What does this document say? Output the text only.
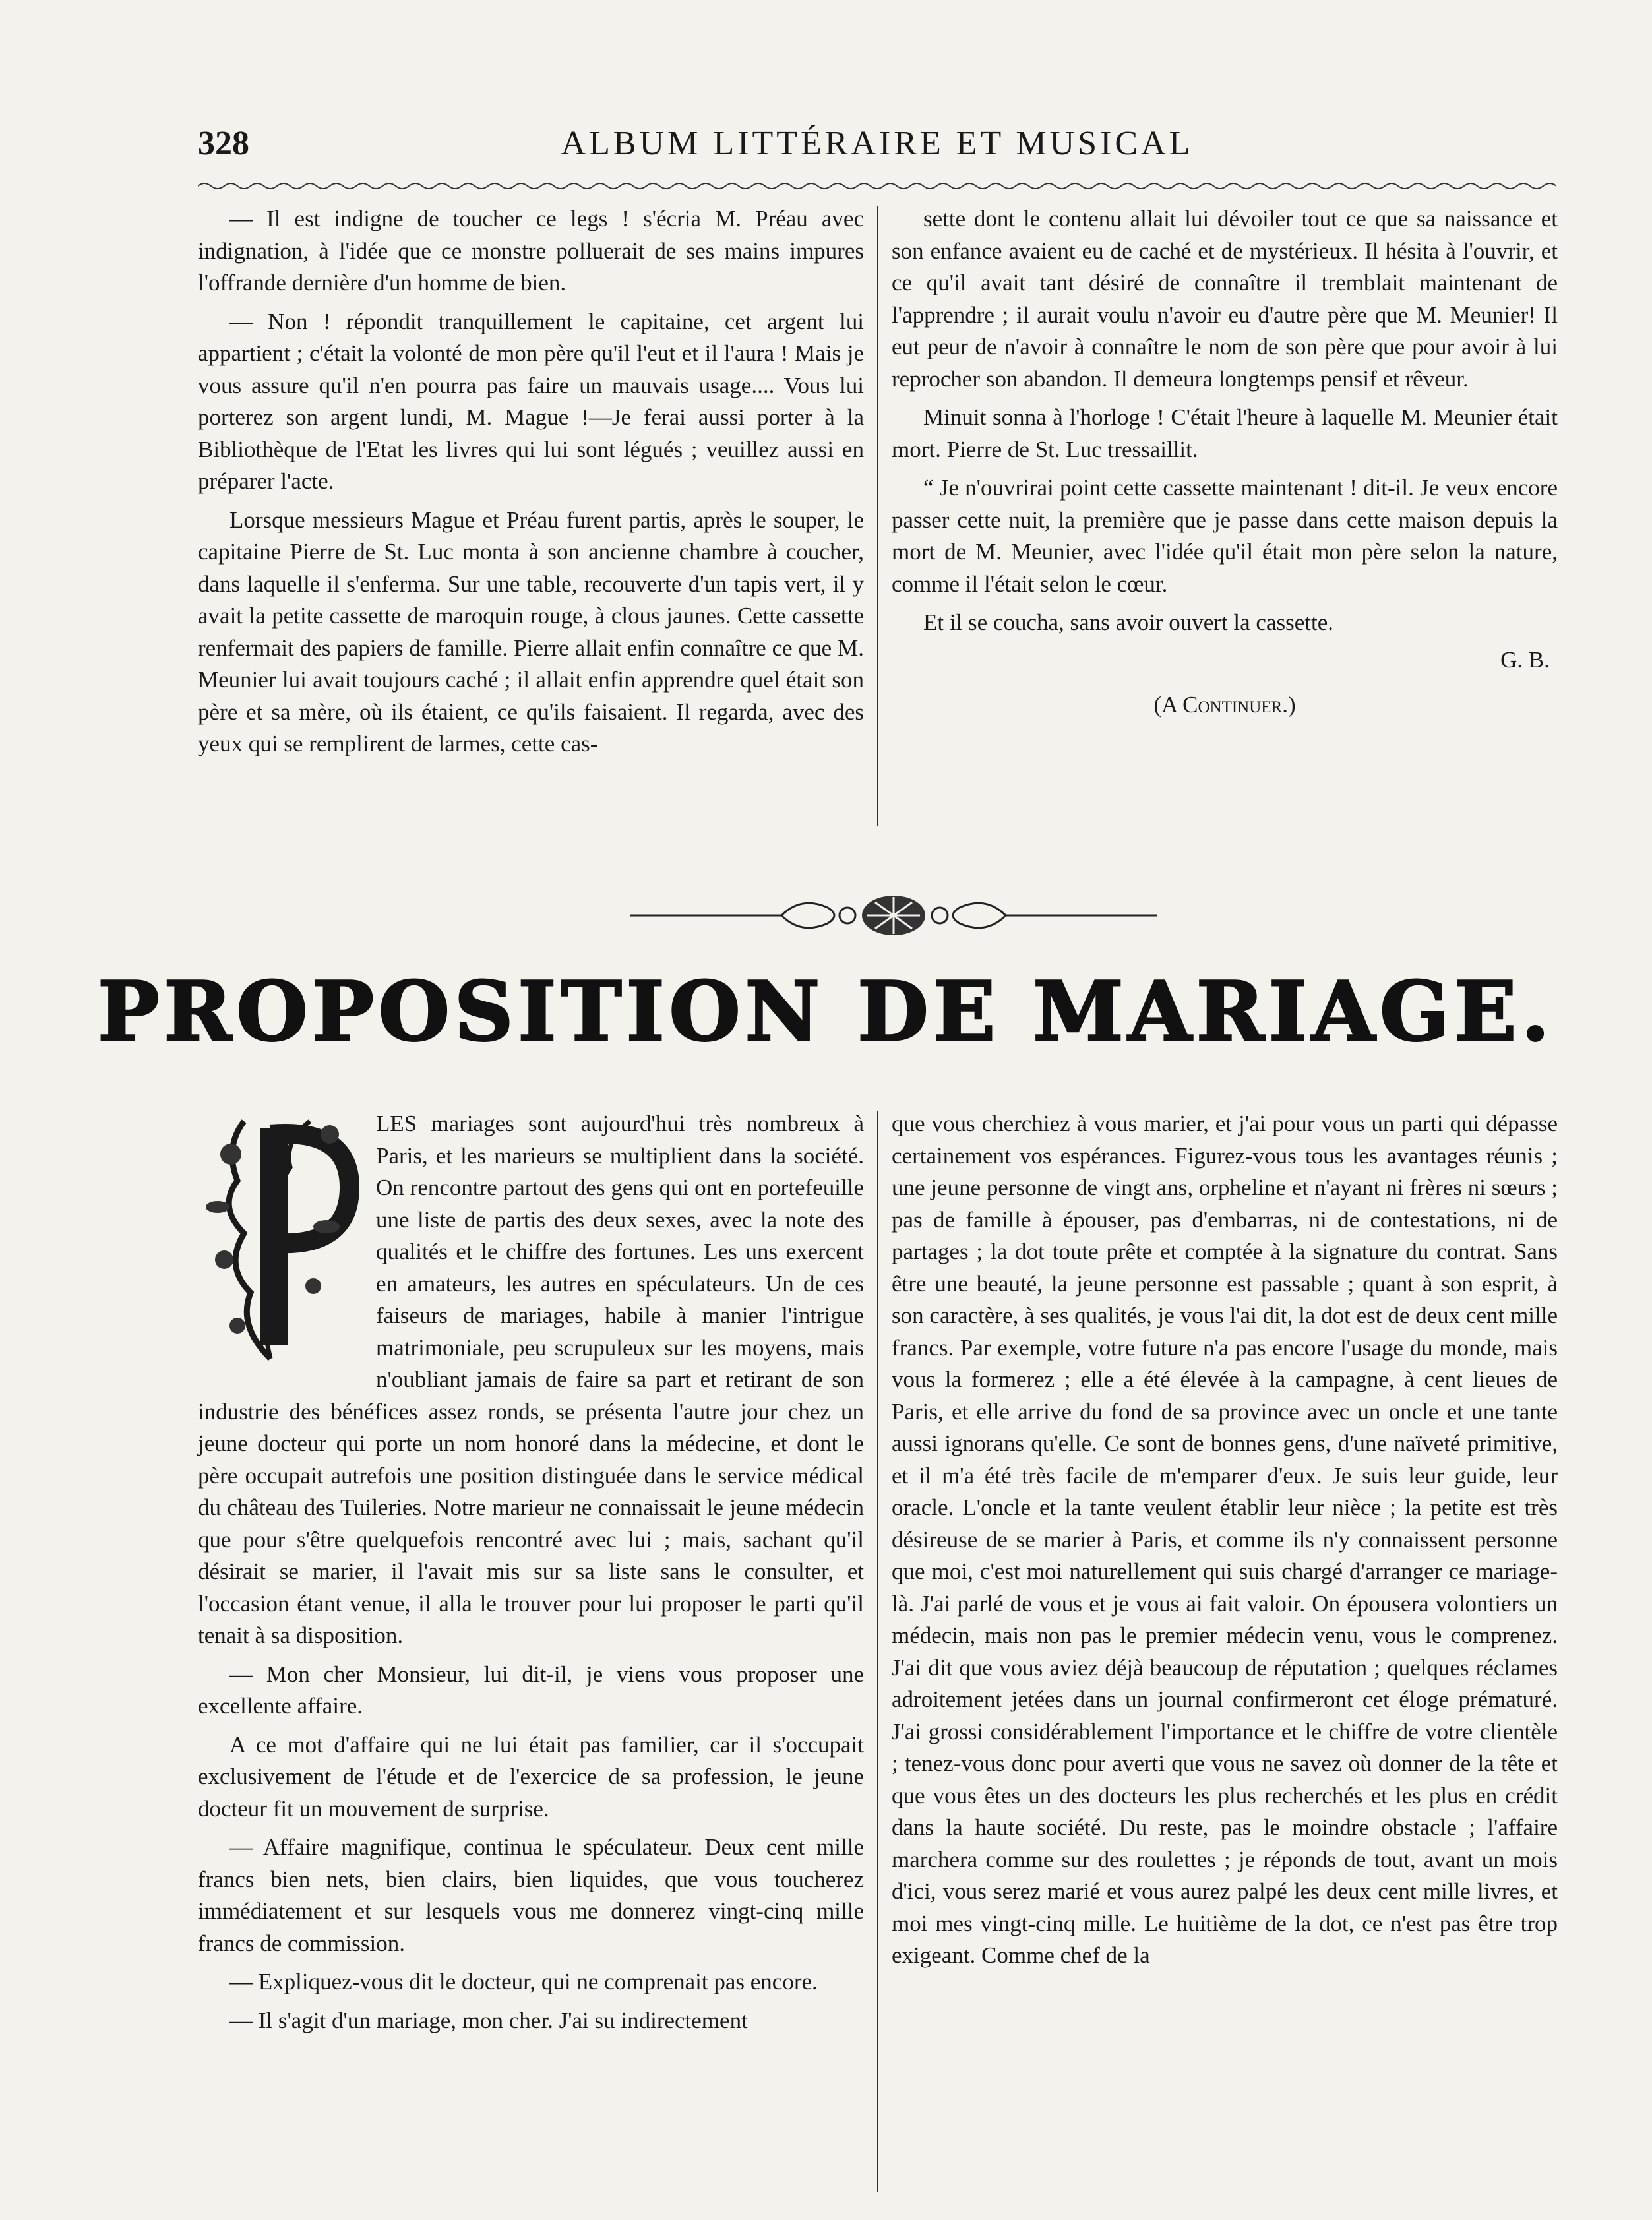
328	ALBUM LITTÉRAIRE ET MUSICAL

— Il est indigne de toucher ce legs ! s'écria M. Préau avec indignation, à l'idée que ce monstre polluerait de ses mains impures l'offrande dernière d'un homme de bien.

— Non ! répondit tranquillement le capitaine, cet argent lui appartient ; c'était la volonté de mon père qu'il l'eut et il l'aura ! Mais je vous assure qu'il n'en pourra pas faire un mauvais usage.... Vous lui porterez son argent lundi, M. Mague !—Je ferai aussi porter à la Bibliothèque de l'Etat les livres qui lui sont légués ; veuillez aussi en préparer l'acte.

Lorsque messieurs Mague et Préau furent partis, après le souper, le capitaine Pierre de St. Luc monta à son ancienne chambre à coucher, dans laquelle il s'enferma. Sur une table, recouverte d'un tapis vert, il y avait la petite cassette de maroquin rouge, à clous jaunes. Cette cassette renfermait des papiers de famille. Pierre allait enfin connaître ce que M. Meunier lui avait toujours caché ; il allait enfin apprendre quel était son père et sa mère, où ils étaient, ce qu'ils faisaient. Il regarda, avec des yeux qui se remplirent de larmes, cette cas-

sette dont le contenu allait lui dévoiler tout ce que sa naissance et son enfance avaient eu de caché et de mystérieux. Il hésita à l'ouvrir, et ce qu'il avait tant désiré de connaître il tremblait maintenant de l'apprendre ; il aurait voulu n'avoir eu d'autre père que M. Meunier! Il eut peur de n'avoir à connaître le nom de son père que pour avoir à lui reprocher son abandon. Il demeura longtemps pensif et rêveur.

Minuit sonna à l'horloge ! C'était l'heure à laquelle M. Meunier était mort. Pierre de St. Luc tressaillit.

“ Je n'ouvrirai point cette cassette maintenant ! dit-il. Je veux encore passer cette nuit, la première que je passe dans cette maison depuis la mort de M. Meunier, avec l'idée qu'il était mon père selon la nature, comme il l'était selon le cœur.

Et il se coucha, sans avoir ouvert la cassette.

G. B.
(A Continuer.)
PROPOSITION DE MARIAGE.

LES mariages sont aujourd'hui très nombreux à Paris, et les marieurs se multiplient dans la société. On rencontre partout des gens qui ont en portefeuille une liste de partis des deux sexes, avec la note des qualités et le chiffre des fortunes. Les uns exercent en amateurs, les autres en spéculateurs. Un de ces faiseurs de mariages, habile à manier l'intrigue matrimoniale, peu scrupuleux sur les moyens, mais n'oubliant jamais de faire sa part et retirant de son industrie des bénéfices assez ronds, se présenta l'autre jour chez un jeune docteur qui porte un nom honoré dans la médecine, et dont le père occupait autrefois une position distinguée dans le service médical du château des Tuileries. Notre marieur ne connaissait le jeune médecin que pour s'être quelquefois rencontré avec lui ; mais, sachant qu'il désirait se marier, il l'avait mis sur sa liste sans le consulter, et l'occasion étant venue, il alla le trouver pour lui proposer le parti qu'il tenait à sa disposition.

— Mon cher Monsieur, lui dit-il, je viens vous proposer une excellente affaire.

A ce mot d'affaire qui ne lui était pas familier, car il s'occupait exclusivement de l'étude et de l'exercice de sa profession, le jeune docteur fit un mouvement de surprise.

— Affaire magnifique, continua le spéculateur. Deux cent mille francs bien nets, bien clairs, bien liquides, que vous toucherez immédiatement et sur lesquels vous me donnerez vingt-cinq mille francs de commission.

— Expliquez-vous dit le docteur, qui ne comprenait pas encore.

— Il s'agit d'un mariage, mon cher. J'ai su indirectement

que vous cherchiez à vous marier, et j'ai pour vous un parti qui dépasse certainement vos espérances. Figurez-vous tous les avantages réunis ; une jeune personne de vingt ans, orpheline et n'ayant ni frères ni sœurs ; pas de famille à épouser, pas d'embarras, ni de contestations, ni de partages ; la dot toute prête et comptée à la signature du contrat. Sans être une beauté, la jeune personne est passable ; quant à son esprit, à son caractère, à ses qualités, je vous l'ai dit, la dot est de deux cent mille francs. Par exemple, votre future n'a pas encore l'usage du monde, mais vous la formerez ; elle a été élevée à la campagne, à cent lieues de Paris, et elle arrive du fond de sa province avec un oncle et une tante aussi ignorans qu'elle. Ce sont de bonnes gens, d'une naïveté primitive, et il m'a été très facile de m'emparer d'eux. Je suis leur guide, leur oracle. L'oncle et la tante veulent établir leur nièce ; la petite est très désireuse de se marier à Paris, et comme ils n'y connaissent personne que moi, c'est moi naturellement qui suis chargé d'arranger ce mariage-là. J'ai parlé de vous et je vous ai fait valoir. On épousera volontiers un médecin, mais non pas le premier médecin venu, vous le comprenez. J'ai dit que vous aviez déjà beaucoup de réputation ; quelques réclames adroitement jetées dans un journal confirmeront cet éloge prématuré. J'ai grossi considérablement l'importance et le chiffre de votre clientèle ; tenez-vous donc pour averti que vous ne savez où donner de la tête et que vous êtes un des docteurs les plus recherchés et les plus en crédit dans la haute société. Du reste, pas le moindre obstacle ; l'affaire marchera comme sur des roulettes ; je réponds de tout, avant un mois d'ici, vous serez marié et vous aurez palpé les deux cent mille livres, et moi mes vingt-cinq mille. Le huitième de la dot, ce n'est pas être trop exigeant. Comme chef de la
